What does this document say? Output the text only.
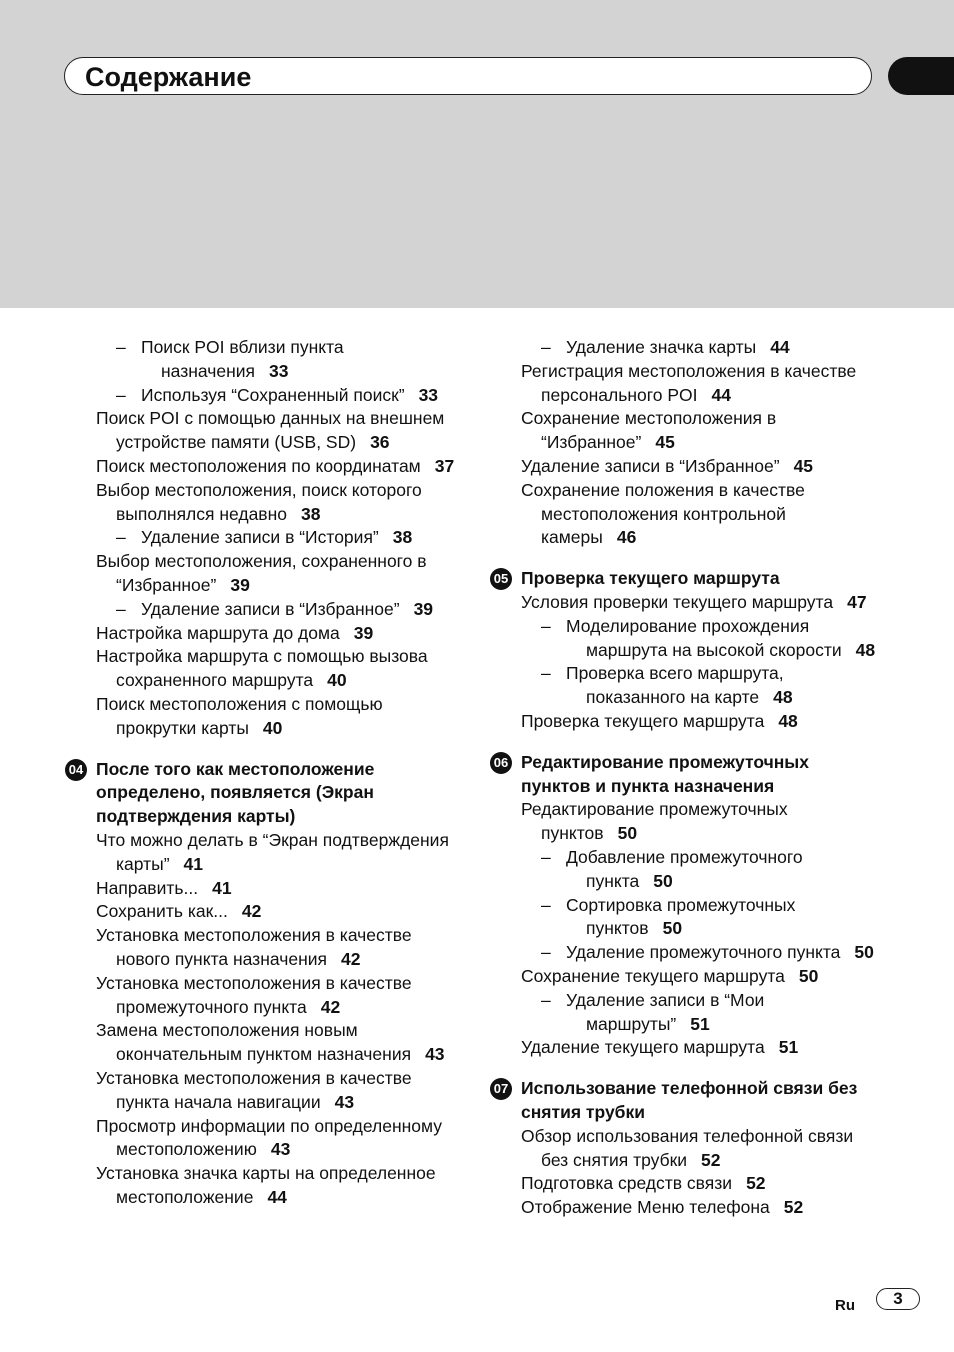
Содержание
– Поиск POI вблизи пункта назначения 33
– Используя “Сохраненный поиск” 33
Поиск POI с помощью данных на внешнем устройстве памяти (USB, SD) 36
Поиск местоположения по координатам 37
Выбор местоположения, поиск которого выполнялся недавно 38
– Удаление записи в “История” 38
Выбор местоположения, сохраненного в “Избранное” 39
– Удаление записи в “Избранное” 39
Настройка маршрута до дома 39
Настройка маршрута с помощью вызова сохраненного маршрута 40
Поиск местоположения с помощью прокрутки карты 40
04 После того как местоположение определено, появляется (Экран подтверждения карты)
Что можно делать в “Экран подтверждения карты” 41
Направить... 41
Сохранить как... 42
Установка местоположения в качестве нового пункта назначения 42
Установка местоположения в качестве промежуточного пункта 42
Замена местоположения новым окончательным пунктом назначения 43
Установка местоположения в качестве пункта начала навигации 43
Просмотр информации по определенному местоположению 43
Установка значка карты на определенное местоположение 44
– Удаление значка карты 44
Регистрация местоположения в качестве персонального POI 44
Сохранение местоположения в “Избранное” 45
Удаление записи в “Избранное” 45
Сохранение положения в качестве местоположения контрольной камеры 46
05 Проверка текущего маршрута
Условия проверки текущего маршрута 47
– Моделирование прохождения маршрута на высокой скорости 48
– Проверка всего маршрута, показанного на карте 48
Проверка текущего маршрута 48
06 Редактирование промежуточных пунктов и пункта назначения
Редактирование промежуточных пунктов 50
– Добавление промежуточного пункта 50
– Сортировка промежуточных пунктов 50
– Удаление промежуточного пункта 50
Сохранение текущего маршрута 50
– Удаление записи в “Мои маршруты” 51
Удаление текущего маршрута 51
07 Использование телефонной связи без снятия трубки
Обзор использования телефонной связи без снятия трубки 52
Подготовка средств связи 52
Отображение Меню телефона 52
Ru	3
